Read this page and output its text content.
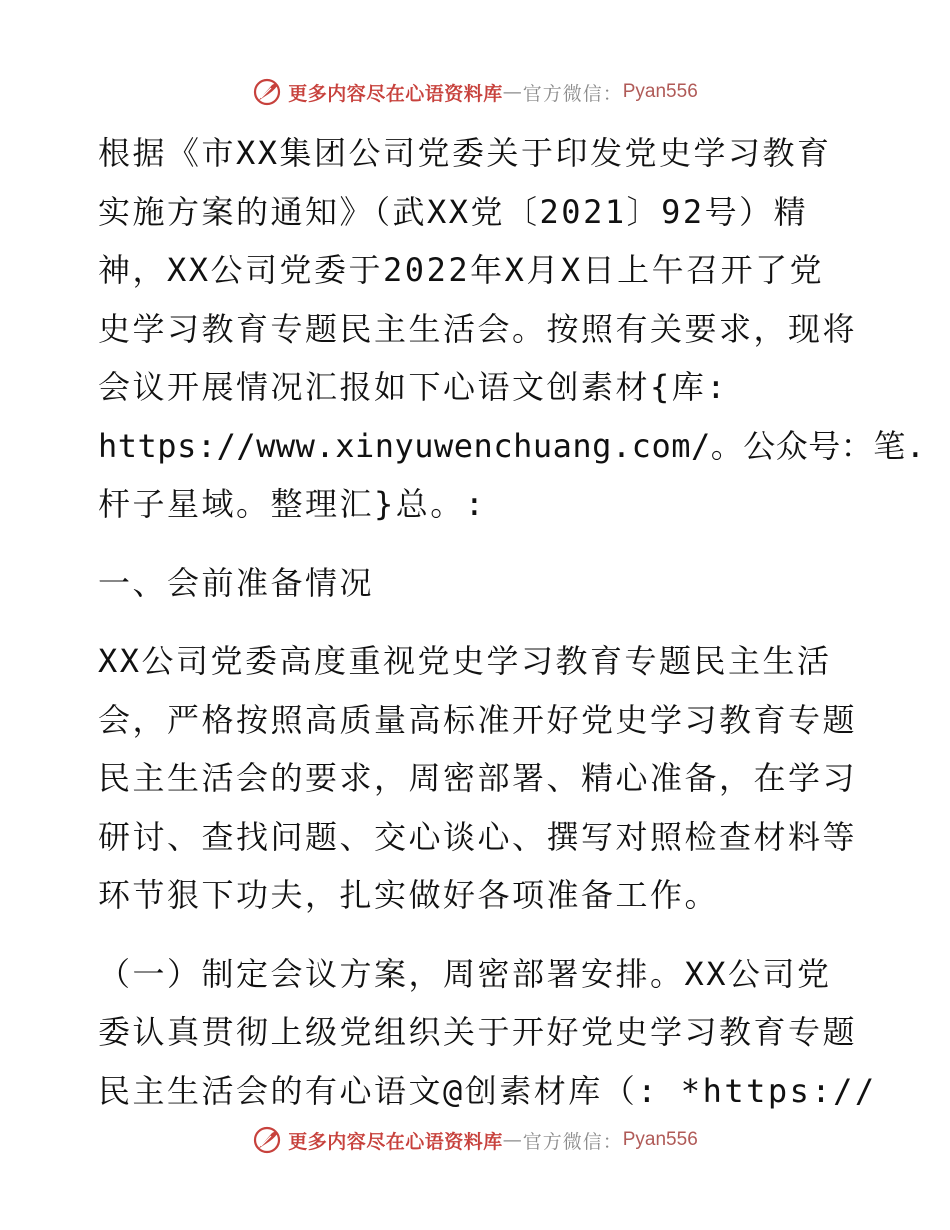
更多内容尽在心语资料库 — 官方微信： Pyan556
根据《市XX集团公司党委关于印发党史学习教育
实施方案的通知》（武XX党〔2021〕92号）精
神，XX公司党委于2022年X月X日上午召开了党
史学习教育专题民主生活会。按照有关要求，现将
会议开展情况汇报如下心语文创素材{库:
https://www.xinyuwenchuang.com/。公众号：笔.
杆子星域。整理汇}总。:
一、会前准备情况
XX公司党委高度重视党史学习教育专题民主生活
会，严格按照高质量高标准开好党史学习教育专题
民主生活会的要求，周密部署、精心准备，在学习
研讨、查找问题、交心谈心、撰写对照检查材料等
环节狠下功夫，扎实做好各项准备工作。
（一）制定会议方案，周密部署安排。XX公司党
委认真贯彻上级党组织关于开好党史学习教育专题
民主生活会的有心语文@创素材库（: *https://
更多内容尽在心语资料库 — 官方微信： Pyan556
